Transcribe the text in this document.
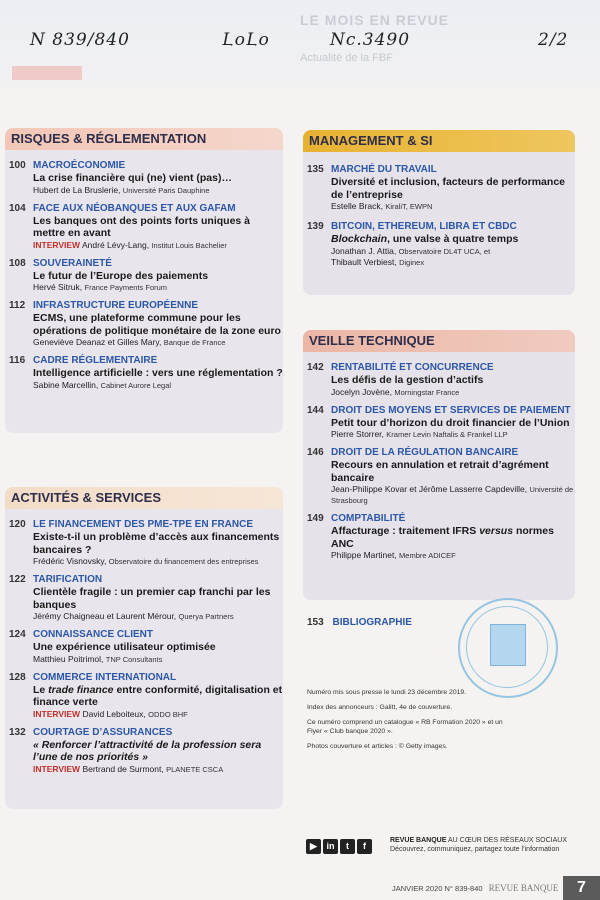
LE MOIS EN REVUE
Actualité de la FBF
N 839/840	ԼօԼօ	Nc.3490	2/2
RISQUES & RÉGLEMENTATION
100 MACROÉCONOMIE
La crise financière qui (ne) vient (pas)…
Hubert de La Bruslerie, Université Paris Dauphine
104 FACE AUX NÉOBANQUES ET AUX GAFAM
Les banques ont des points forts uniques à mettre en avant
INTERVIEW André Lévy-Lang, Institut Louis Bachelier
108 SOUVERAINETÉ
Le futur de l’Europe des paiements
Hervé Sitruk, France Payments Forum
112 INFRASTRUCTURE EUROPÉENNE
ECMS, une plateforme commune pour les opérations de politique monétaire de la zone euro
Geneviève Deanaz et Gilles Mary, Banque de France
116 CADRE RÉGLEMENTAIRE
Intelligence artificielle : vers une réglementation ?
Sabine Marcellin, Cabinet Aurore Legal
ACTIVITÉS & SERVICES
120 LE FINANCEMENT DES PME-TPE EN FRANCE
Existe-t-il un problème d’accès aux financements bancaires ?
Frédéric Visnovsky, Observatoire du financement des entreprises
122 TARIFICATION
Clientèle fragile : un premier cap franchi par les banques
Jérémy Chaigneau et Laurent Mérour, Querya Partners
124 CONNAISSANCE CLIENT
Une expérience utilisateur optimisée
Matthieu Poitrimol, TNP Consultants
128 COMMERCE INTERNATIONAL
Le trade finance entre conformité, digitalisation et finance verte
INTERVIEW David Leboiteux, ODDO BHF
132 COURTAGE D’ASSURANCES
« Renforcer l’attractivité de la profession sera l’une de nos priorités »
INTERVIEW Bertrand de Surmont, PLANETE CSCA
MANAGEMENT & SI
135 MARCHÉ DU TRAVAIL
Diversité et inclusion, facteurs de performance de l’entreprise
Estelle Brack, KiraliT, EWPN
139 BITCOIN, ETHEREUM, LIBRA ET CBDC
Blockchain, une valse à quatre temps
Jonathan J. Attia, Observatoire DL4T UCA, et
Thibault Verbiest, Diginex
VEILLE TECHNIQUE
142 RENTABILITÉ ET CONCURRENCE
Les défis de la gestion d’actifs
Jocelyn Jovène, Morningstar France
144 DROIT DES MOYENS ET SERVICES DE PAIEMENT
Petit tour d’horizon du droit financier de l’Union
Pierre Storrer, Kramer Levin Naftalis & Frankel LLP
146 DROIT DE LA RÉGULATION BANCAIRE
Recours en annulation et retrait d’agrément bancaire
Jean-Philippe Kovar et Jérôme Lasserre Capdeville, Université de Strasbourg
149 COMPTABILITÉ
Affacturage : traitement IFRS versus normes ANC
Philippe Martinet, Membre ADICEF
153 BIBLIOGRAPHIE

Numéro mis sous presse le lundi 23 décembre 2019.

Index des annonceurs : Galitt, 4e de couverture.

Ce numéro comprend un catalogue « RB Formation 2020 » et un Flyer « Club banque 2020 ».

Photos couverture et articles : © Getty images.

▶ in t f
REVUE BANQUE AU CŒUR DES RÉSEAUX SOCIAUX
Découvrez, communiquez, partagez toute l’information
JANVIER 2020 N° 839-840 REVUE BANQUE	7
